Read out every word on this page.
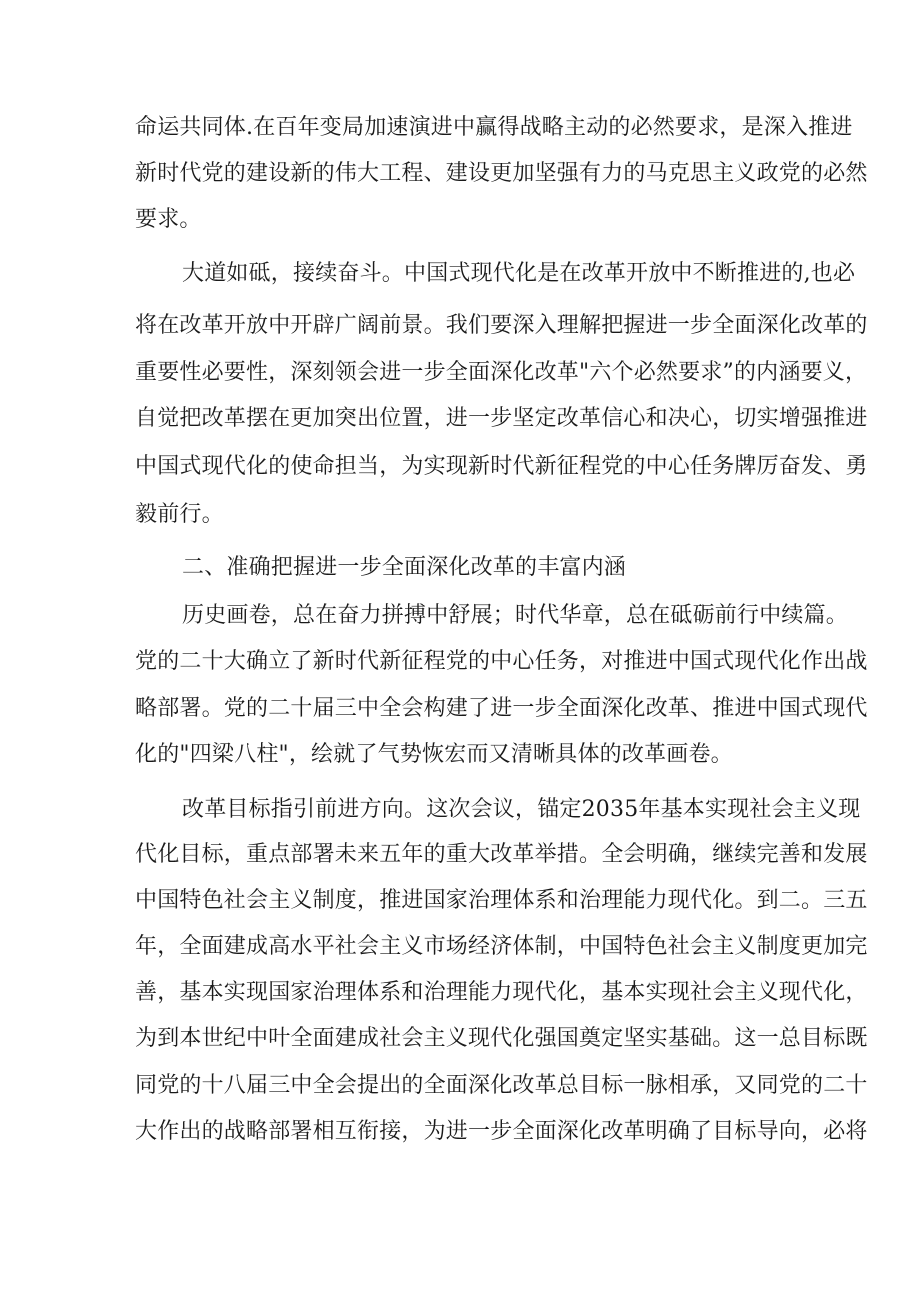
命运共同体.在百年变局加速演进中赢得战略主动的必然要求，是深入推进
新时代党的建设新的伟大工程、建设更加坚强有力的马克思主义政党的必然
要求。
大道如砥，接续奋斗。中国式现代化是在改革开放中不断推进的,也必
将在改革开放中开辟广阔前景。我们要深入理解把握进一步全面深化改革的
重要性必要性，深刻领会进一步全面深化改革"六个必然要求”的内涵要义，
自觉把改革摆在更加突出位置，进一步坚定改革信心和决心，切实增强推进
中国式现代化的使命担当，为实现新时代新征程党的中心任务牌厉奋发、勇
毅前行。
二、准确把握进一步全面深化改革的丰富内涵
历史画卷，总在奋力拼搏中舒展；时代华章，总在砥砺前行中续篇。
党的二十大确立了新时代新征程党的中心任务，对推进中国式现代化作出战
略部署。党的二十届三中全会构建了进一步全面深化改革、推进中国式现代
化的"四梁八柱"，绘就了气势恢宏而又清晰具体的改革画卷。
改革目标指引前进方向。这次会议，锚定2035年基本实现社会主义现
代化目标，重点部署未来五年的重大改革举措。全会明确，继续完善和发展
中国特色社会主义制度，推进国家治理体系和治理能力现代化。到二。三五
年，全面建成高水平社会主义市场经济体制，中国特色社会主义制度更加完
善，基本实现国家治理体系和治理能力现代化，基本实现社会主义现代化，
为到本世纪中叶全面建成社会主义现代化强国奠定坚实基础。这一总目标既
同党的十八届三中全会提出的全面深化改革总目标一脉相承，又同党的二十
大作出的战略部署相互衔接，为进一步全面深化改革明确了目标导向，必将
